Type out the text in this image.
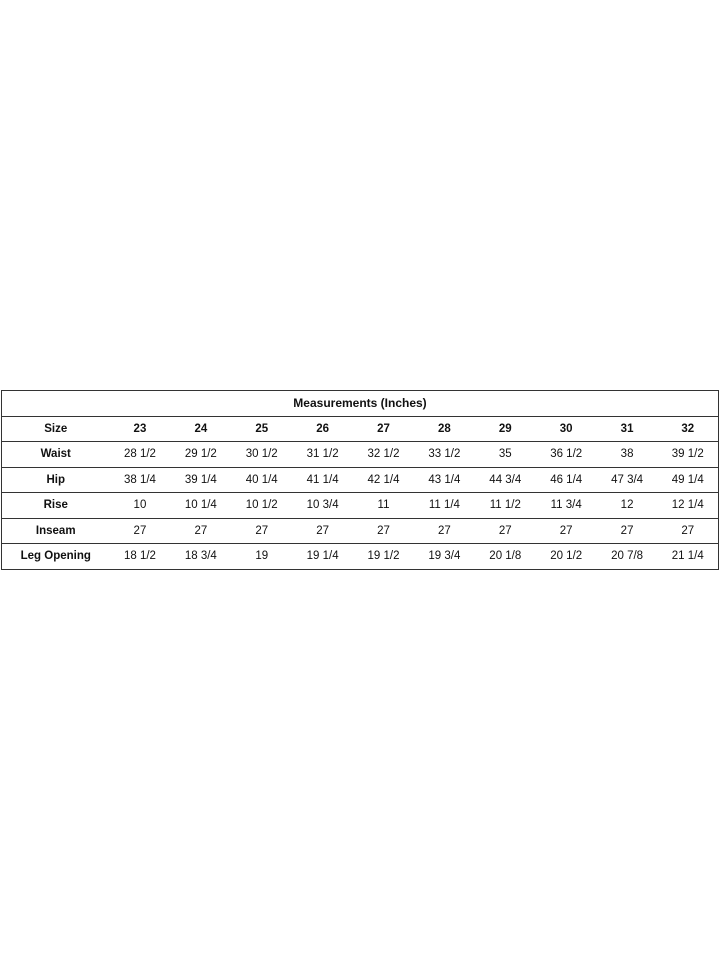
Measurements (Inches)										
Size	23	24	25	26	27	28	29	30	31	32
Waist	28 1/2	29 1/2	30 1/2	31 1/2	32 1/2	33 1/2	35	36 1/2	38	39 1/2
Hip	38 1/4	39 1/4	40 1/4	41 1/4	42 1/4	43 1/4	44 3/4	46 1/4	47 3/4	49 1/4
Rise	10	10 1/4	10 1/2	10 3/4	11	11 1/4	11 1/2	11 3/4	12	12 1/4
Inseam	27	27	27	27	27	27	27	27	27	27
Leg Opening	18 1/2	18 3/4	19	19 1/4	19 1/2	19 3/4	20 1/8	20 1/2	20 7/8	21 1/4
